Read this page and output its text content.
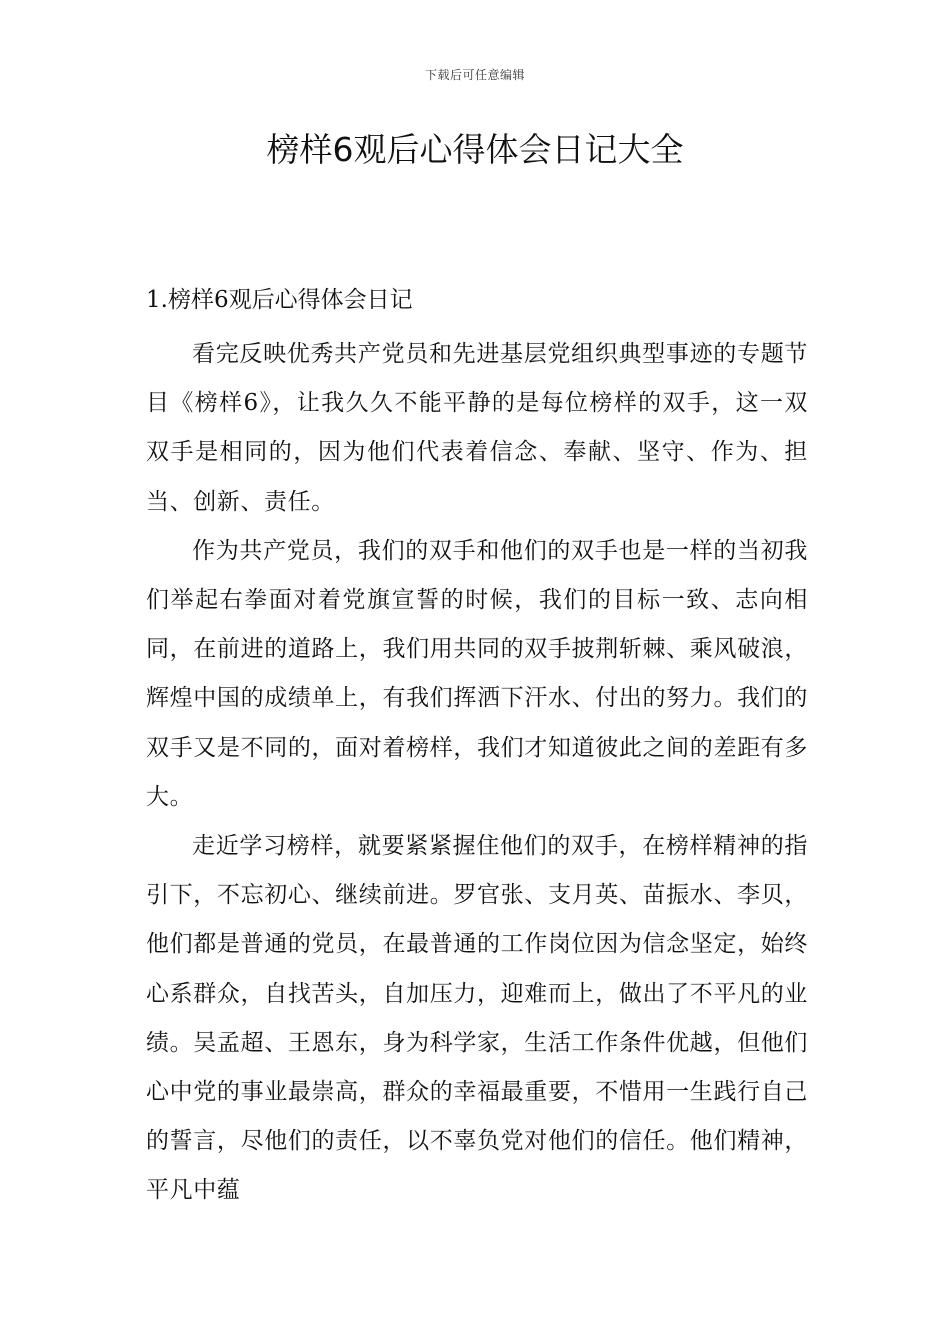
下载后可任意编辑
榜样6观后心得体会日记大全
1.榜样6观后心得体会日记

看完反映优秀共产党员和先进基层党组织典型事迹的专题节目《榜样6》，让我久久不能平静的是每位榜样的双手，这一双双手是相同的，因为他们代表着信念、奉献、坚守、作为、担当、创新、责任。

作为共产党员，我们的双手和他们的双手也是一样的当初我们举起右拳面对着党旗宣誓的时候，我们的目标一致、志向相同，在前进的道路上，我们用共同的双手披荆斩棘、乘风破浪，辉煌中国的成绩单上，有我们挥洒下汗水、付出的努力。我们的双手又是不同的，面对着榜样，我们才知道彼此之间的差距有多大。

走近学习榜样，就要紧紧握住他们的双手，在榜样精神的指引下，不忘初心、继续前进。罗官张、支月英、苗振水、李贝，他们都是普通的党员，在最普通的工作岗位因为信念坚定，始终心系群众，自找苦头，自加压力，迎难而上，做出了不平凡的业绩。吴孟超、王恩东，身为科学家，生活工作条件优越，但他们心中党的事业最崇高，群众的幸福最重要，不惜用一生践行自己的誓言，尽他们的责任，以不辜负党对他们的信任。他们精神，平凡中蕴
